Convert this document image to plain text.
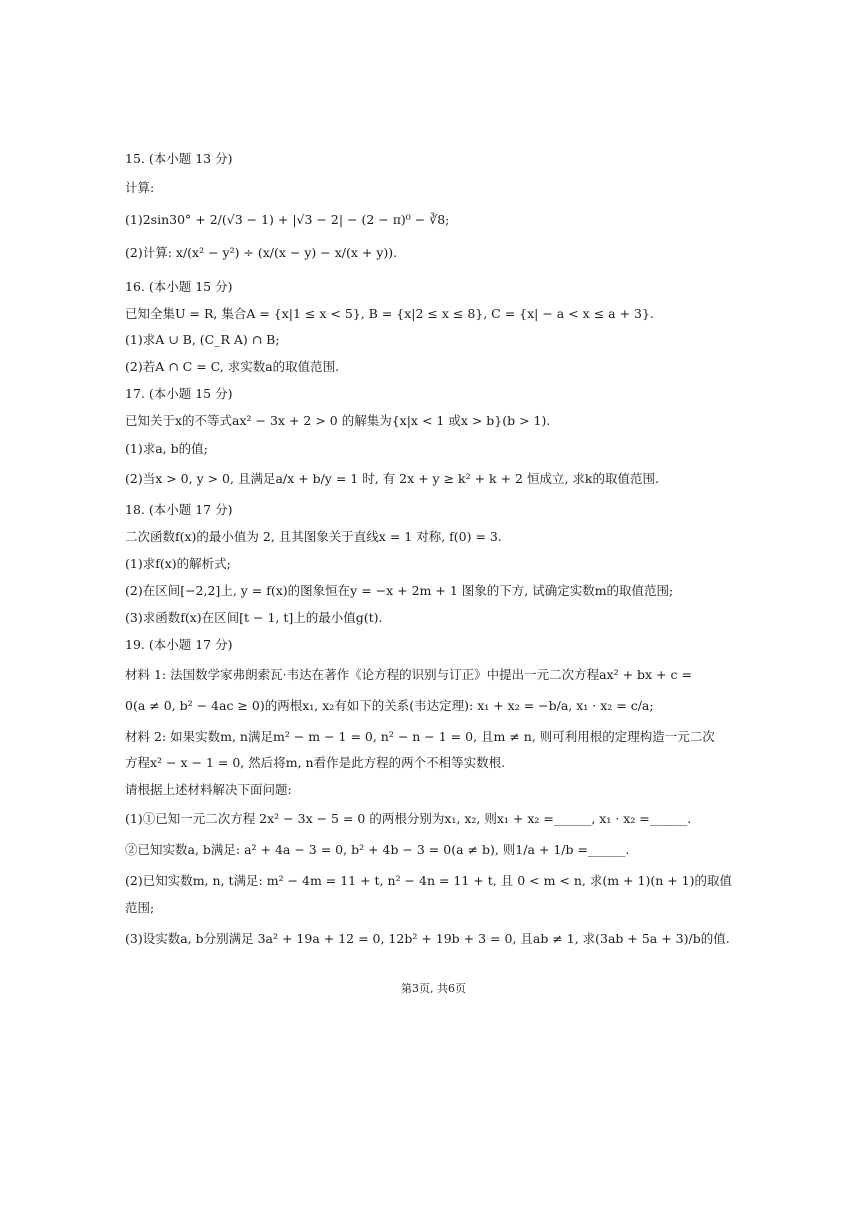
15. (本小题 13 分)
计算:
(1)2sin30° + 2/(√3 − 1) + |√3 − 2| − (2 − π)⁰ − ∛8;
(2)计算: x/(x² − y²) ÷ (x/(x − y) − x/(x + y)).
16. (本小题 15 分)
已知全集U = R, 集合A = {x|1 ≤ x < 5}, B = {x|2 ≤ x ≤ 8}, C = {x| − a < x ≤ a + 3}.
(1)求A ∪ B, (C_R A) ∩ B;
(2)若A ∩ C = C, 求实数a的取值范围.
17. (本小题 15 分)
已知关于x的不等式ax² − 3x + 2 > 0 的解集为{x|x < 1 或x > b}(b > 1).
(1)求a, b的值;
(2)当x > 0, y > 0, 且满足a/x + b/y = 1 时, 有 2x + y ≥ k² + k + 2 恒成立, 求k的取值范围.
18. (本小题 17 分)
二次函数f(x)的最小值为 2, 且其图象关于直线x = 1 对称, f(0) = 3.
(1)求f(x)的解析式;
(2)在区间[−2,2]上, y = f(x)的图象恒在y = −x + 2m + 1 图象的下方, 试确定实数m的取值范围;
(3)求函数f(x)在区间[t − 1, t]上的最小值g(t).
19. (本小题 17 分)
材料 1: 法国数学家弗朗索瓦·韦达在著作《论方程的识别与订正》中提出一元二次方程ax² + bx + c =
0(a ≠ 0, b² − 4ac ≥ 0)的两根x₁, x₂有如下的关系(韦达定理): x₁ + x₂ = −b/a, x₁ · x₂ = c/a;
材料 2: 如果实数m, n满足m² − m − 1 = 0, n² − n − 1 = 0, 且m ≠ n, 则可利用根的定理构造一元二次
方程x² − x − 1 = 0, 然后将m, n看作是此方程的两个不相等实数根.
请根据上述材料解决下面问题:
(1)①已知一元二次方程 2x² − 3x − 5 = 0 的两根分别为x₁, x₂, 则x₁ + x₂ =______, x₁ · x₂ =______.
②已知实数a, b满足: a² + 4a − 3 = 0, b² + 4b − 3 = 0(a ≠ b), 则1/a + 1/b =______.
(2)已知实数m, n, t满足: m² − 4m = 11 + t, n² − 4n = 11 + t, 且 0 < m < n, 求(m + 1)(n + 1)的取值
范围;
(3)设实数a, b分别满足 3a² + 19a + 12 = 0, 12b² + 19b + 3 = 0, 且ab ≠ 1, 求(3ab + 5a + 3)/b的值.
第3页, 共6页
